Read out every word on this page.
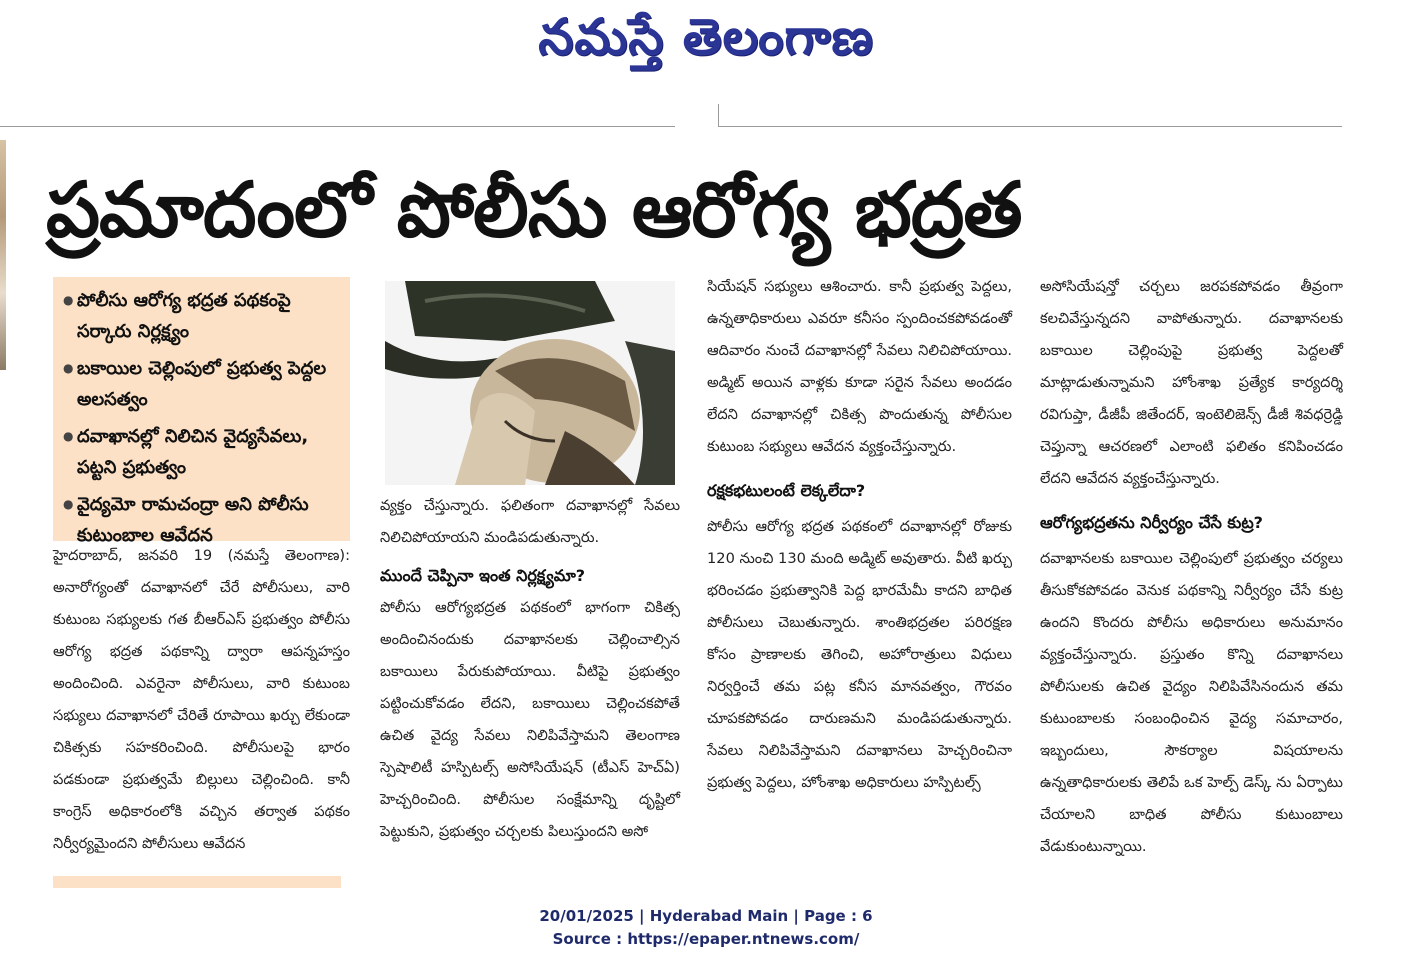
నమస్తే తెలంగాణ
ప్రమాదంలో పోలీసు ఆరోగ్య భద్రత
● పోలీసు ఆరోగ్య భద్రత పథకంపై సర్కారు నిర్లక్ష్యం
● బకాయిల చెల్లింపులో ప్రభుత్వ పెద్దల అలసత్వం
● దవాఖానల్లో నిలిచిన వైద్యసేవలు, పట్టని ప్రభుత్వం
● వైద్యమో రామచంద్రా అని పోలీసు కుటుంబాల ఆవేదన

హైదరాబాద్, జనవరి 19 (నమస్తే తెలంగాణ): అనారోగ్యంతో దవాఖానలో చేరే పోలీసులు, వారి కుటుంబ సభ్యులకు గత బీఆర్ఎస్ ప్రభుత్వం పోలీసు ఆరోగ్య భద్రత పథకాన్ని ద్వారా ఆపన్నహస్తం అందించింది. ఎవరైనా పోలీసులు, వారి కుటుంబ సభ్యులు దవాఖానలో చేరితే రూపాయి ఖర్చు లేకుండా చికిత్సకు సహకరించింది. పోలీసులపై భారం పడకుండా ప్రభుత్వమే బిల్లులు చెల్లించింది. కానీ కాంగ్రెస్ అధికారంలోకి వచ్చిన తర్వాత పథకం నిర్వీర్యమైందని పోలీసులు ఆవేదన

వ్యక్తం చేస్తున్నారు. ఫలితంగా దవాఖానల్లో సేవలు నిలిచిపోయాయని మండిపడుతున్నారు.

ముందే చెప్పినా ఇంత నిర్లక్ష్యమా?

పోలీసు ఆరోగ్యభద్రత పథకంలో భాగంగా చికిత్స అందించినందుకు దవాఖానలకు చెల్లించాల్సిన బకాయిలు పేరుకుపోయాయి. వీటిపై ప్రభుత్వం పట్టించుకోవడం లేదని, బకాయిలు చెల్లించకపోతే ఉచిత వైద్య సేవలు నిలిపివేస్తామని తెలంగాణ స్పెషాలిటీ హస్పిటల్స్ అసోసియేషన్ (టీఎస్ హెచ్ఏ) హెచ్చరించింది. పోలీసుల సంక్షేమాన్ని దృష్టిలో పెట్టుకుని, ప్రభుత్వం చర్చలకు పిలుస్తుందని అసో

సియేషన్ సభ్యులు ఆశించారు. కానీ ప్రభుత్వ పెద్దలు, ఉన్నతాధికారులు ఎవరూ కనీసం స్పందించకపోవడంతో ఆదివారం నుంచే దవాఖానల్లో సేవలు నిలిచిపోయాయి. అడ్మిట్ అయిన వాళ్లకు కూడా సరైన సేవలు అందడం లేదని దవాఖానల్లో చికిత్స పొందుతున్న పోలీసుల కుటుంబ సభ్యులు ఆవేదన వ్యక్తంచేస్తున్నారు.

రక్షకభటులంటే లెక్కలేదా?

పోలీసు ఆరోగ్య భద్రత పథకంలో దవాఖానల్లో రోజుకు 120 నుంచి 130 మంది అడ్మిట్ అవుతారు. వీటి ఖర్చు భరించడం ప్రభుత్వానికి పెద్ద భారమేమీ కాదని బాధిత పోలీసులు చెబుతున్నారు. శాంతిభద్రతల పరిరక్షణ కోసం ప్రాణాలకు తెగించి, అహోరాత్రులు విధులు నిర్వర్తించే తమ పట్ల కనీస మానవత్వం, గౌరవం చూపకపోవడం దారుణమని మండిపడుతున్నారు. సేవలు నిలిపివేస్తామని దవాఖానలు హెచ్చరించినా ప్రభుత్వ పెద్దలు, హోంశాఖ అధికారులు హస్పిటల్స్

అసోసియేషన్తో చర్చలు జరపకపోవడం తీవ్రంగా కలచివేస్తున్నదని వాపోతున్నారు. దవాఖానలకు బకాయిల చెల్లింపుపై ప్రభుత్వ పెద్దలతో మాట్లాడుతున్నామని హోంశాఖ ప్రత్యేక కార్యదర్శి రవిగుప్తా, డీజీపీ జితేందర్, ఇంటెలిజెన్స్ డీజీ శివధర్రెడ్డి చెప్తున్నా ఆచరణలో ఎలాంటి ఫలితం కనిపించడం లేదని ఆవేదన వ్యక్తంచేస్తున్నారు.

ఆరోగ్యభద్రతను నిర్వీర్యం చేసే కుట్ర?

దవాఖానలకు బకాయిల చెల్లింపులో ప్రభుత్వం చర్యలు తీసుకోకపోవడం వెనుక పథకాన్ని నిర్వీర్యం చేసే కుట్ర ఉందని కొందరు పోలీసు అధికారులు అనుమానం వ్యక్తంచేస్తున్నారు. ప్రస్తుతం కొన్ని దవాఖానలు పోలీసులకు ఉచిత వైద్యం నిలిపివేసినందున తమ కుటుంబాలకు సంబంధించిన వైద్య సమాచారం, ఇబ్బందులు, సౌకర్యాల విషయాలను ఉన్నతాధికారులకు తెలిపే ఒక హెల్ప్ డెస్క్ ను ఏర్పాటు చేయాలని బాధిత పోలీసు కుటుంబాలు వేడుకుంటున్నాయి.

20/01/2025 | Hyderabad Main | Page : 6
Source : https://epaper.ntnews.com/
